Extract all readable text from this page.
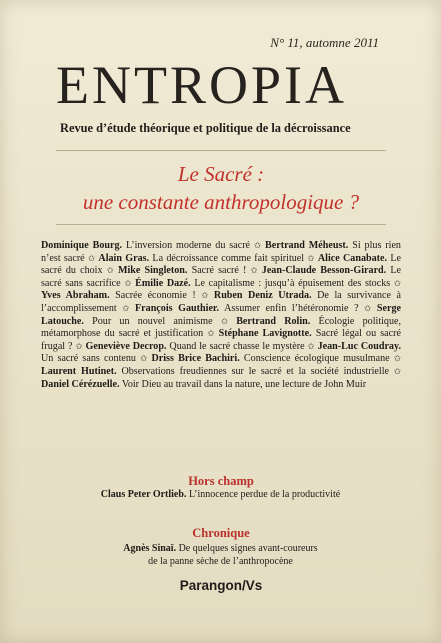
N° 11, automne 2011
ENTROPIA
Revue d’étude théorique et politique de la décroissance
Le Sacré :
une constante anthropologique ?
Dominique Bourg. L’inversion moderne du sacré ✩ Bertrand Méheust. Si plus rien n’est sacré ✩ Alain Gras. La décroissance comme fait spirituel ✩ Alice Canabate. Le sacré du choix ✩ Mike Singleton. Sacré sacré ! ✩ Jean-Claude Besson-Girard. Le sacré sans sacrifice ✩ Émilie Dazé. Le capitalisme : jusqu’à épuisement des stocks ✩ Yves Abraham. Sacrée économie ! ✩ Ruben Deniz Utrada. De la survivance à l’accomplissement ✩ François Gauthier. Assumer enfin l’hétéronomie ? ✩ Serge Latouche. Pour un nouvel animisme ✩ Bertrand Rolin. Écologie politique, métamorphose du sacré et justification ✩ Stéphane Lavignotte. Sacré légal ou sacré frugal ? ✩ Geneviève Decrop. Quand le sacré chasse le mystère ✩ Jean-Luc Coudray. Un sacré sans contenu ✩ Driss Brice Bachiri. Conscience écologique musulmane ✩ Laurent Hutinet. Observations freudiennes sur le sacré et la société industrielle ✩ Daniel Cérézuelle. Voir Dieu au travail dans la nature, une lecture de John Muir
Hors champ
Claus Peter Ortlieb. L’innocence perdue de la productivité
Chronique
Agnès Sinaï. De quelques signes avant-coureurs
de la panne sèche de l’anthropocène
Parangon/Vs
